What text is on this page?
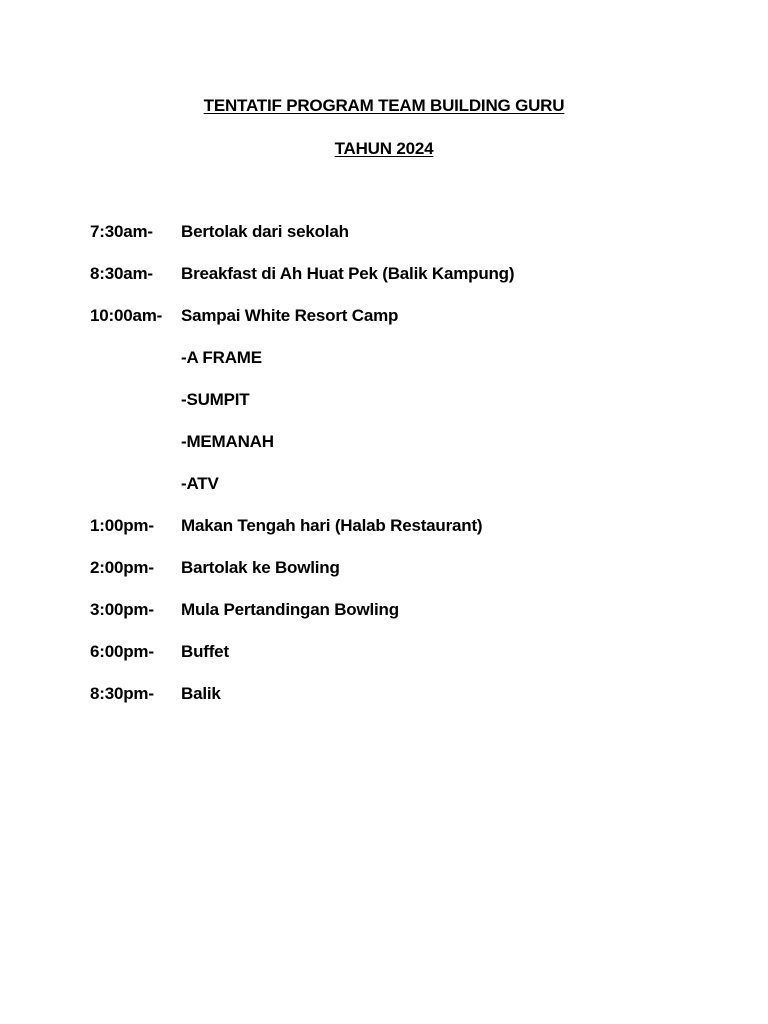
TENTATIF PROGRAM TEAM BUILDING GURU
TAHUN 2024
7:30am- Bertolak dari sekolah
8:30am- Breakfast di Ah Huat Pek (Balik Kampung)
10:00am- Sampai White Resort Camp
-A FRAME
-SUMPIT
-MEMANAH
-ATV
1:00pm- Makan Tengah hari (Halab Restaurant)
2:00pm- Bartolak ke Bowling
3:00pm- Mula Pertandingan Bowling
6:00pm- Buffet
8:30pm- Balik
